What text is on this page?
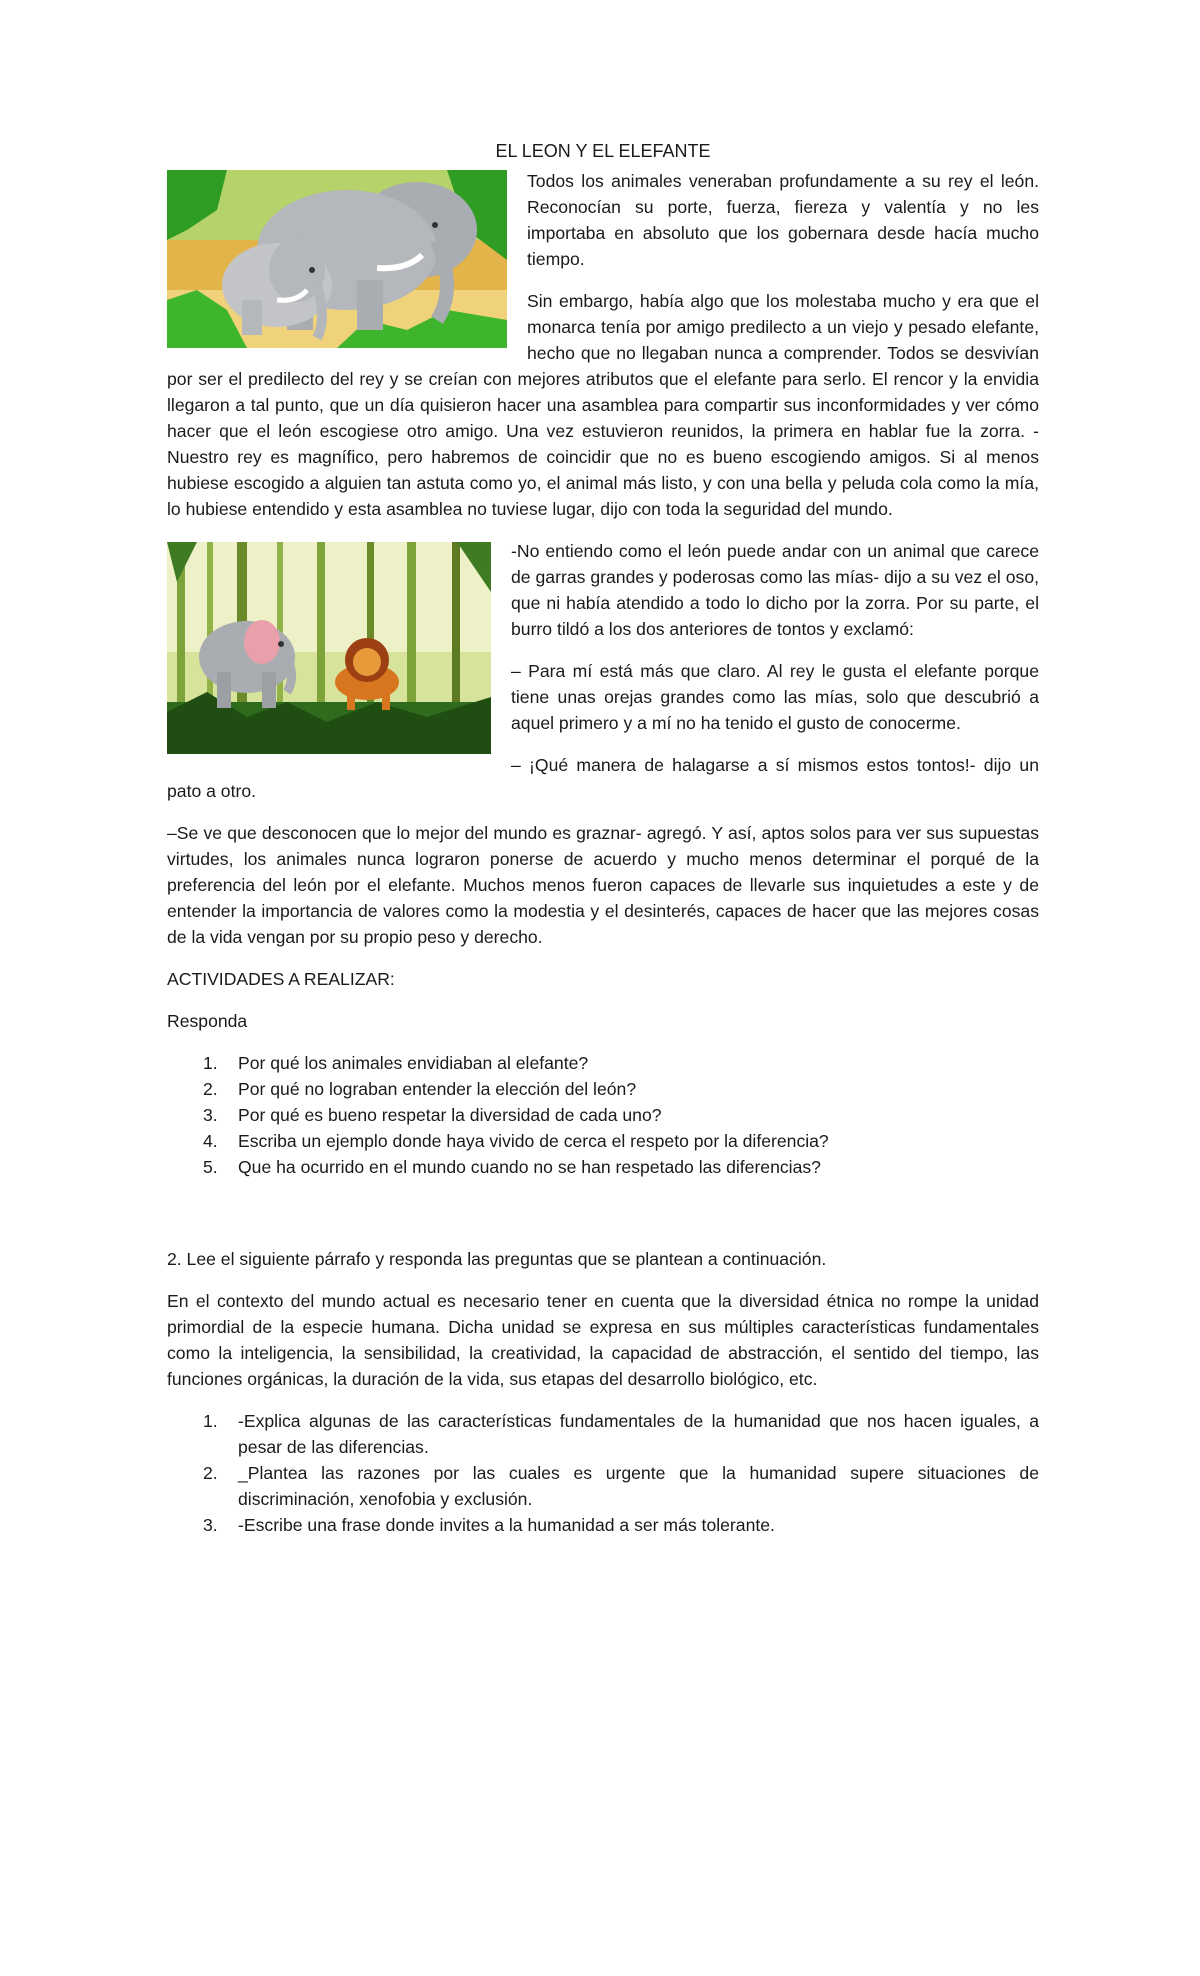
EL LEON Y EL ELEFANTE

Todos los animales veneraban profundamente a su rey el león. Reconocían su porte, fuerza, fiereza y valentía y no les importaba en absoluto que los gobernara desde hacía mucho tiempo.

Sin embargo, había algo que los molestaba mucho y era que el monarca tenía por amigo predilecto a un viejo y pesado elefante, hecho que no llegaban nunca a comprender. Todos se desvivían por ser el predilecto del rey y se creían con mejores atributos que el elefante para serlo. El rencor y la envidia llegaron a tal punto, que un día quisieron hacer una asamblea para compartir sus inconformidades y ver cómo hacer que el león escogiese otro amigo. Una vez estuvieron reunidos, la primera en hablar fue la zorra. - Nuestro rey es magnífico, pero habremos de coincidir que no es bueno escogiendo amigos. Si al menos hubiese escogido a alguien tan astuta como yo, el animal más listo, y con una bella y peluda cola como la mía, lo hubiese entendido y esta asamblea no tuviese lugar, dijo con toda la seguridad del mundo.

-No entiendo como el león puede andar con un animal que carece de garras grandes y poderosas como las mías- dijo a su vez el oso, que ni había atendido a todo lo dicho por la zorra. Por su parte, el burro tildó a los dos anteriores de tontos y exclamó:

– Para mí está más que claro. Al rey le gusta el elefante porque tiene unas orejas grandes como las mías, solo que descubrió a aquel primero y a mí no ha tenido el gusto de conocerme.

– ¡Qué manera de halagarse a sí mismos estos tontos!- dijo un pato a otro.

–Se ve que desconocen que lo mejor del mundo es graznar- agregó. Y así, aptos solos para ver sus supuestas virtudes, los animales nunca lograron ponerse de acuerdo y mucho menos determinar el porqué de la preferencia del león por el elefante. Muchos menos fueron capaces de llevarle sus inquietudes a este y de entender la importancia de valores como la modestia y el desinterés, capaces de hacer que las mejores cosas de la vida vengan por su propio peso y derecho.

ACTIVIDADES A REALIZAR:

Responda

1. Por qué los animales envidiaban al elefante?
2. Por qué no lograban entender la elección del león?
3. Por qué es bueno respetar la diversidad de cada uno?
4. Escriba un ejemplo donde haya vivido de cerca el respeto por la diferencia?
5. Que ha ocurrido en el mundo cuando no se han respetado las diferencias?

2. Lee el siguiente párrafo y responda las preguntas que se plantean a continuación.

En el contexto del mundo actual es necesario tener en cuenta que la diversidad étnica no rompe la unidad primordial de la especie humana. Dicha unidad se expresa en sus múltiples características fundamentales como la inteligencia, la sensibilidad, la creatividad, la capacidad de abstracción, el sentido del tiempo, las funciones orgánicas, la duración de la vida, sus etapas del desarrollo biológico, etc.

1. -Explica algunas de las características fundamentales de la humanidad que nos hacen iguales, a pesar de las diferencias.
2. _Plantea las razones por las cuales es urgente que la humanidad supere situaciones de discriminación, xenofobia y exclusión.
3. -Escribe una frase donde invites a la humanidad a ser más tolerante.
